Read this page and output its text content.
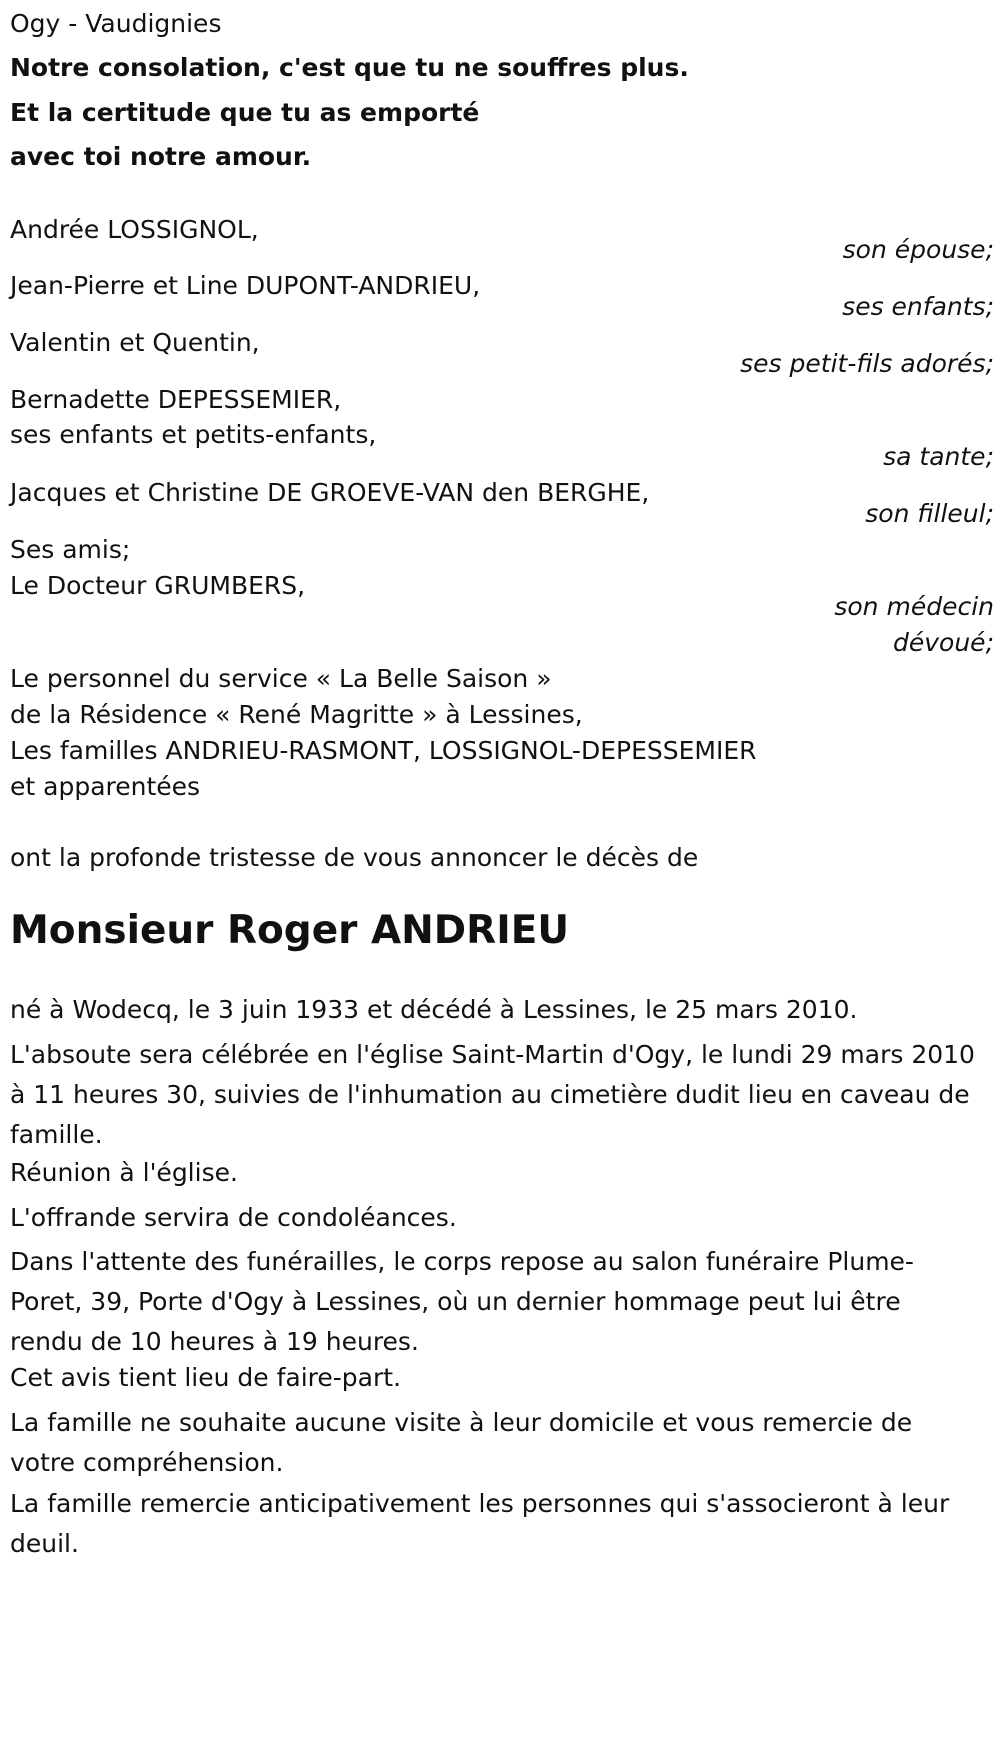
Ogy - Vaudignies
Notre consolation, c'est que tu ne souffres plus.
Et la certitude que tu as emporté
avec toi notre amour.
Andrée LOSSIGNOL,
son épouse;
Jean-Pierre et Line DUPONT-ANDRIEU,
ses enfants;
Valentin et Quentin,
ses petit-fils adorés;
Bernadette DEPESSEMIER,
ses enfants et petits-enfants,
sa tante;
Jacques et Christine DE GROEVE-VAN den BERGHE,
son filleul;
Ses amis;
Le Docteur GRUMBERS,
son médecin
dévoué;
Le personnel du service « La Belle Saison »
de la Résidence « René Magritte » à Lessines,
Les familles ANDRIEU-RASMONT, LOSSIGNOL-DEPESSEMIER
et apparentées
ont la profonde tristesse de vous annoncer le décès de
Monsieur Roger ANDRIEU
né à Wodecq, le 3 juin 1933 et décédé à Lessines, le 25 mars 2010.
L'absoute sera célébrée en l'église Saint-Martin d'Ogy, le lundi 29 mars 2010 à 11 heures 30, suivies de l'inhumation au cimetière dudit lieu en caveau de famille.
Réunion à l'église.
L'offrande servira de condoléances.
Dans l'attente des funérailles, le corps repose au salon funéraire Plume-Poret, 39, Porte d'Ogy à Lessines, où un dernier hommage peut lui être rendu de 10 heures à 19 heures.
Cet avis tient lieu de faire-part.
La famille ne souhaite aucune visite à leur domicile et vous remercie de votre compréhension.
La famille remercie anticipativement les personnes qui s'associeront à leur deuil.
